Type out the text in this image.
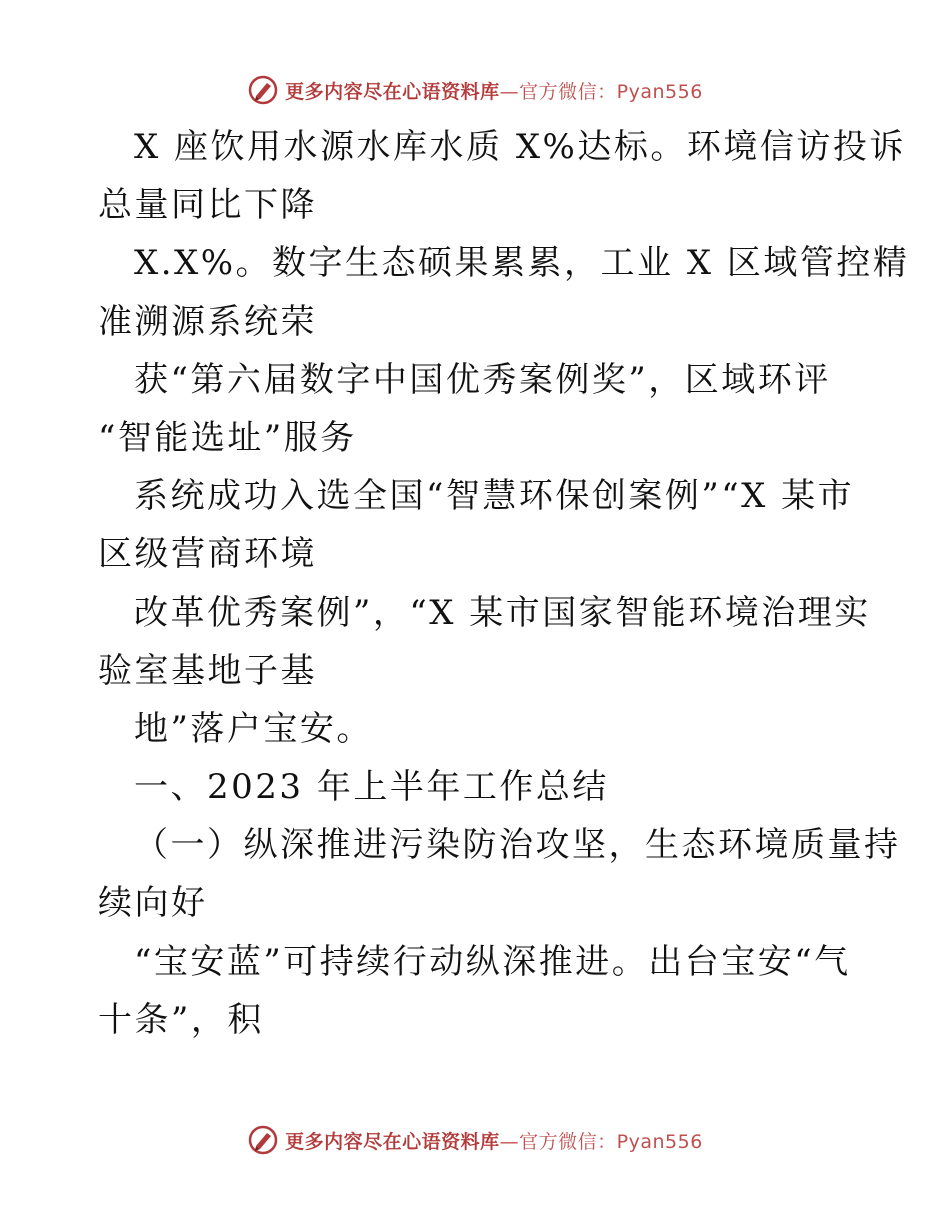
更多内容尽在心语资料库—官方微信：Pyan556
X 座饮用水源水库水质 X%达标。环境信访投诉
总量同比下降
X.X%。数字生态硕果累累，工业 X 区域管控精
准溯源系统荣
获“第六届数字中国优秀案例奖”，区域环评
“智能选址”服务
系统成功入选全国“智慧环保创案例”“X 某市
区级营商环境
改革优秀案例”，“X 某市国家智能环境治理实
验室基地子基
地”落户宝安。
一、2023 年上半年工作总结
（一）纵深推进污染防治攻坚，生态环境质量持
续向好
“宝安蓝”可持续行动纵深推进。出台宝安“气
十条”，积
更多内容尽在心语资料库—官方微信：Pyan556
